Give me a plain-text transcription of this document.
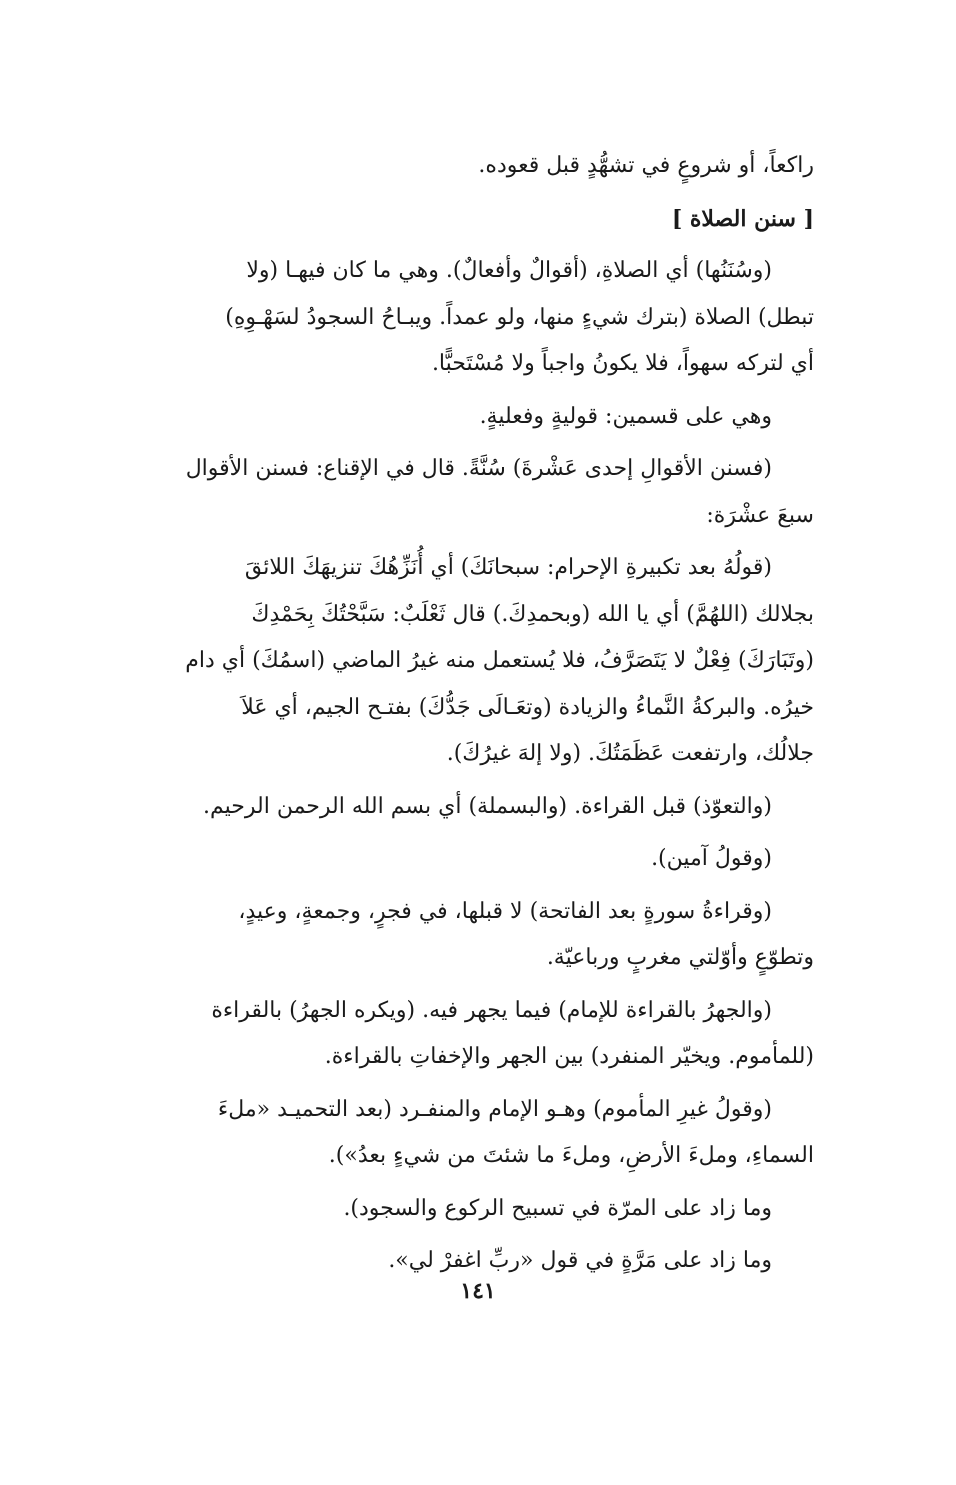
راكعاً، أو شروعٍ في تشهُّدٍ قبل قعوده.
[ سنن الصلاة ]
(وسُنَنُها) أي الصلاةِ، (أقوالٌ وأفعالٌ). وهي ما كان فيهـا (ولا
تبطل) الصلاة (بترك شيءٍ منها، ولو عمداً. ويبـاحُ السجودُ لسَهْـوِهِ)
أي لتركه سهواً، فلا يكونُ واجباً ولا مُسْتَحبًّا.
وهي على قسمين: قوليةٍ وفعليةٍ.
(فسنن الأقوالِ إحدى عَشْرةَ) سُنَّةً. قال في الإقناع: فسنن الأقوال
سبعَ عشْرَة:
(قولُهُ بعد تكبيرةِ الإحرام: سبحانَكَ) أي أُنَزِّهُكَ تنزيهَكَ اللائقَ
بجلالك (اللهُمَّ) أي يا الله (وبحمدِكَ.) قال ثَعْلَبٌ: سَبَّحْتُكَ بِحَمْدِكَ
(وتَبَارَكَ) فِعْلٌ لا يَتَصَرَّفُ، فلا يُستعمل منه غيرُ الماضي (اسمُكَ) أي دام
خيرُه. والبركةُ النَّماءُ والزيادة (وتعَـالَى جَدُّكَ) بفتـح الجيم، أي عَلاَ
جلالُك، وارتفعت عَظَمَتُكَ. (ولا إلهَ غيرُكَ).
(والتعوّذ) قبل القراءة. (والبسملة) أي بسم الله الرحمن الرحيم.
(وقولُ آمين).
(وقراءةُ سورةٍ بعد الفاتحة) لا قبلها، في فجرٍ، وجمعةٍ، وعيدٍ،
وتطوّعٍ وأوّلتي مغربٍ ورباعيّة.
(والجهرُ بالقراءة للإمام) فيما يجهر فيه. (ويكره الجهرُ) بالقراءة
(للمأموم. ويخيّر المنفرد) بين الجهر والإخفاتِ بالقراءة.
(وقولُ غيرِ المأموم) وهـو الإمام والمنفـرد (بعد التحميـد «ملءَ
السماءِ، وملءَ الأرضِ، وملءَ ما شئتَ من شيءٍ بعدُ»).
وما زاد على المرّة في تسبيح الركوع والسجود).
وما زاد على مَرَّةٍ في قول «ربِّ اغفرْ لي».
١٤١
